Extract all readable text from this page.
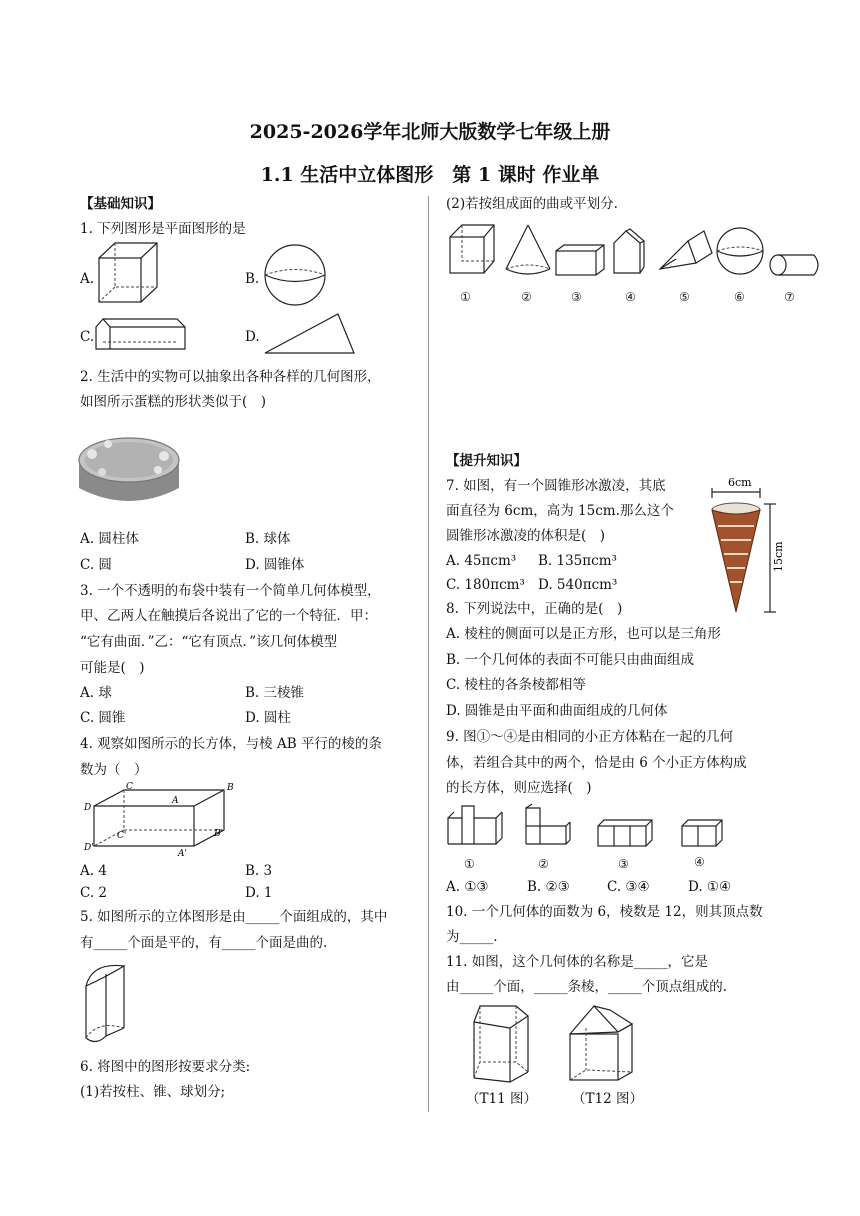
2025-2026学年北师大版数学七年级上册
1.1 生活中立体图形　第 1 课时 作业单
【基础知识】
1. 下列图形是平面图形的是
A.	B.
C.	D.
2. 生活中的实物可以抽象出各种各样的几何图形，
如图所示蛋糕的形状类似于(　)
A. 圆柱体	B. 球体
C. 圆	D. 圆锥体
3. 一个不透明的布袋中装有一个简单几何体模型，
甲、乙两人在触摸后各说出了它的一个特征．甲：
“它有曲面．”乙：“它有顶点．”该几何体模型
可能是(　)
A. 球	B. 三棱锥
C. 圆锥	D. 圆柱
4. 观察如图所示的长方体，与棱 AB 平行的棱的条
数为（　）
C	B
A
D
C'	B'
D'
A'
A. 4	B. 3
C. 2	D. 1
5. 如图所示的立体图形是由_____个面组成的，其中
有_____个面是平的，有_____个面是曲的.
6. 将图中的图形按要求分类:
(1)若按柱、锥、球划分;
(2)若按组成面的曲或平划分.
①	②	③	④	⑤	⑥	⑦
【提升知识】
7. 如图，有一个圆锥形冰激凌，其底
面直径为 6cm，高为 15cm.那么这个
圆锥形冰激凌的体积是(　)
A. 45πcm³ B. 135πcm³
C. 180πcm³ D. 540πcm³
6cm
15cm
8. 下列说法中，正确的是(　)
A. 棱柱的侧面可以是正方形，也可以是三角形
B. 一个几何体的表面不可能只由曲面组成
C. 棱柱的各条棱都相等
D. 圆锥是由平面和曲面组成的几何体
9. 图①～④是由相同的小正方体粘在一起的几何
体，若组合其中的两个，恰是由 6 个小正方体构成
的长方体，则应选择(　)
①	②	③	④
A. ①③	B. ②③	C. ③④	D. ①④
10. 一个几何体的面数为 6，棱数是 12，则其顶点数
为_____.
11. 如图，这个几何体的名称是_____，它是
由_____个面，_____条棱，_____个顶点组成的.
（T11 图）	（T12 图）
